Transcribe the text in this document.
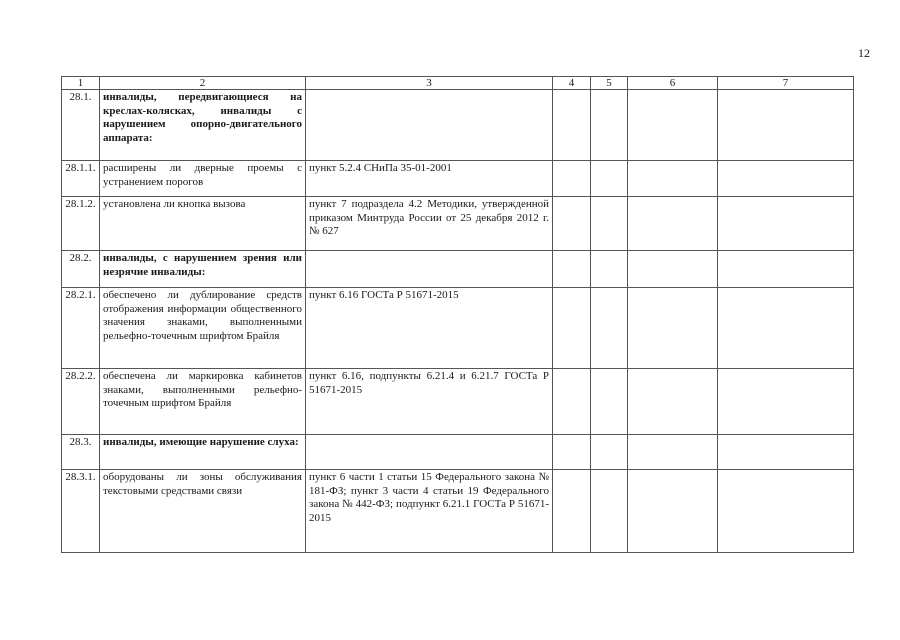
12
1	2	3	4	5	6	7
28.1.	инвалиды, передвигающиеся на креслах-колясках, инвалиды с нарушением опорно-двигательного аппарата:					
28.1.1.	расширены ли дверные проемы с устранением порогов	пункт 5.2.4 СНиПа 35-01-2001				
28.1.2.	установлена ли кнопка вызова	пункт 7 подраздела 4.2 Методики, утвержденной приказом Минтруда России от 25 декабря 2012 г. № 627				
28.2.	инвалиды, с нарушением зрения или незрячие инвалиды:					
28.2.1.	обеспечено ли дублирование средств отображения информации общественного значения знаками, выполненными рельефно-точечным шрифтом Брайля	пункт 6.16 ГОСТа Р 51671-2015				
28.2.2.	обеспечена ли маркировка кабинетов знаками, выполненными рельефно-точечным шрифтом Брайля	пункт 6.16, подпункты 6.21.4 и 6.21.7 ГОСТа Р 51671-2015				
28.3.	инвалиды, имеющие нарушение слуха:					
28.3.1.	оборудованы ли зоны обслуживания текстовыми средствами связи	пункт 6 части 1 статьи 15 Федерального закона № 181-ФЗ; пункт 3 части 4 статьи 19 Федерального закона № 442-ФЗ; подпункт 6.21.1 ГОСТа Р 51671-2015				
